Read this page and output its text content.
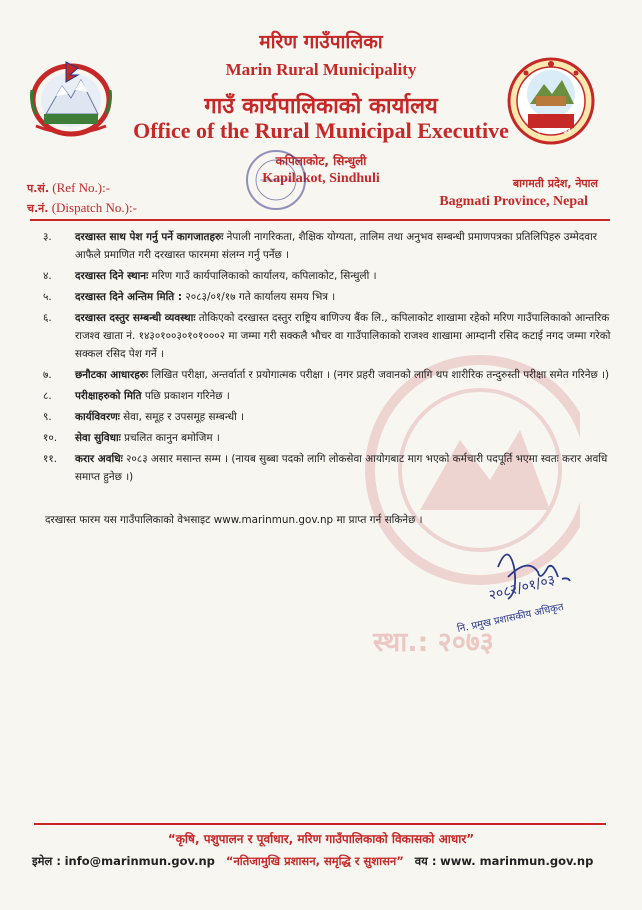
स्था.: २०७३
मरिण गाउँपालिका
Marin Rural Municipality
गाउँ कार्यपालिकाको कार्यालय
Office of the Rural Municipal Executive
कपिलाकोट, सिन्धुली
Kapilakot, Sindhuli
प.सं. (Ref No.):-
च.नं. (Dispatch No.):-
बागमती प्रदेश, नेपाल
Bagmati Province, Nepal
स्था.: २०७३
३. दरखास्त साथ पेश गर्नु पर्ने कागजातहरुः नेपाली नागरिकता, शैक्षिक योग्यता, तालिम तथा अनुभव सम्बन्धी प्रमाणपत्रका प्रतिलिपिहरु उम्मेदवार आफैले प्रमाणित गरी दरखास्त फारममा संलग्न गर्नु पर्नेछ ।
४. दरखास्त दिने स्थानः मरिण गाउँ कार्यपालिकाको कार्यालय, कपिलाकोट, सिन्धुली ।
५. दरखास्त दिने अन्तिम मिति : २०८३/०१/१७ गते कार्यालय समय भित्र ।
६. दरखास्त दस्तुर सम्बन्धी व्यवस्थाः तोकिएको दरखास्त दस्तुर राष्ट्रिय बाणिज्य बैंक लि., कपिलाकोट शाखामा रहेको मरिण गाउँपालिकाको आन्तरिक राजश्व खाता नं. १४३०१००३०१०१०००२ मा जम्मा गरी सक्कलै भौचर वा गाउँपालिकाको राजश्व शाखामा आम्दानी रसिद कटाई नगद जम्मा गरेको सक्कल रसिद पेश गर्ने ।
७. छनौटका आधारहरुः लिखित परीक्षा, अन्तर्वार्ता र प्रयोगात्मक परीक्षा । (नगर प्रहरी जवानको लागि थप शारीरिक तन्दुरुस्ती परीक्षा समेत गरिनेछ ।)
८. परीक्षाहरुको मिति पछि प्रकाशन गरिनेछ ।
९. कार्यविवरणः सेवा, समूह र उपसमूह सम्बन्धी ।
१०. सेवा सुविधाः प्रचलित कानुन बमोजिम ।
११. करार अवधिः २०८३ असार मसान्त सम्म । (नायब सुब्बा पदको लागि लोकसेवा आयोगबाट माग भएको कर्मचारी पदपूर्ति भएमा स्वतः करार अवधि समाप्त हुनेछ ।)
दरखास्त फारम यस गाउँपालिकाको वेभसाइट www.marinmun.gov.np मा प्राप्त गर्न सकिनेछ ।
२०८२/०१/०३
नि. प्रमुख प्रशासकीय अधिकृत
“कृषि, पशुपालन र पूर्वाधार, मरिण गाउँपालिकाको विकासको आधार”
इमेल : info@marinmun.gov.np “नतिजामुखि प्रशासन, समृद्धि र सुशासन” वय : www. marinmun.gov.np
